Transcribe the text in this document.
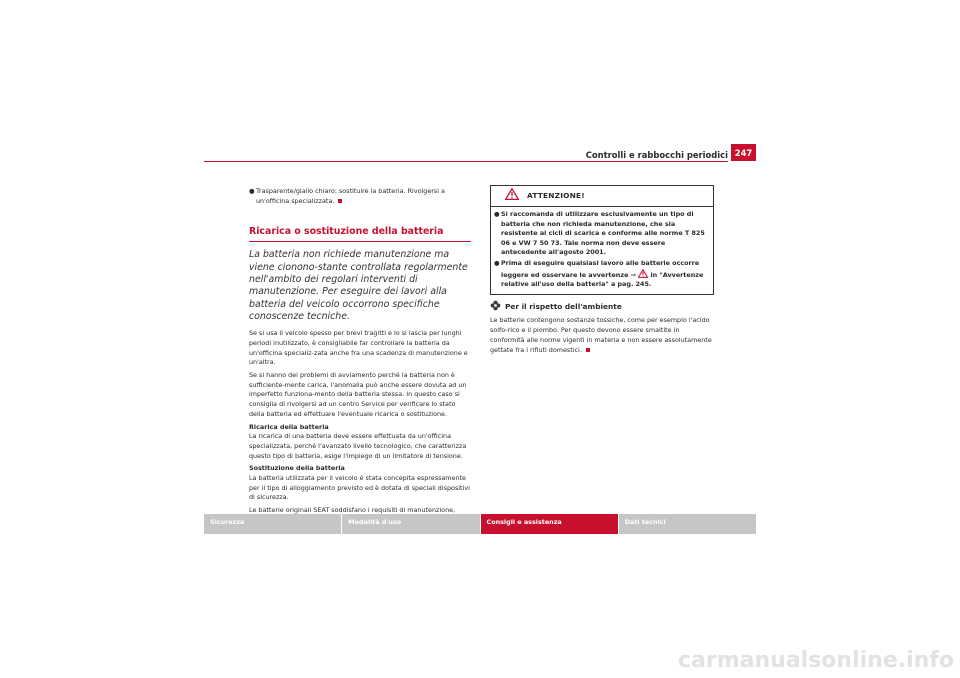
Controlli e rabbocchi periodici 247

● Trasparente/giallo chiaro: sostituire la batteria. Rivolgersi a un'officina specializzata.

Ricarica o sostituzione della batteria
La batteria non richiede manutenzione ma viene cionono-stante controllata regolarmente nell'ambito dei regolari interventi di manutenzione. Per eseguire dei lavori alla batteria del veicolo occorrono specifiche conoscenze tecniche.

Se si usa il veicolo spesso per brevi tragitti e lo si lascia per lunghi periodi inutilizzato, è consigliabile far controllare la batteria da un'officina specializ-zata anche fra una scadenza di manutenzione e un'altra.

Se si hanno dei problemi di avviamento perché la batteria non è sufficiente-mente carica, l'anomalia può anche essere dovuta ad un imperfetto funziona-mento della batteria stessa. In questo caso si consiglia di rivolgersi ad un centro Service per verificare lo stato della batteria ed effettuare l'eventuale ricarica o sostituzione.

Ricarica della batteria
La ricarica di una batteria deve essere effettuata da un'officina specializzata, perché l'avanzato livello tecnologico, che caratterizza questo tipo di batteria, esige l'impiego di un limitatore di tensione.

Sostituzione della batteria
La batteria utilizzata per il veicolo è stata concepita espressamente per il tipo di alloggiamento previsto ed è dotata di speciali dispositivi di sicurezza.

Le batterie originali SEAT soddisfano i requisiti di manutenzione,

ATTENZIONE!

● Si raccomanda di utilizzare esclusivamente un tipo di batteria che non richieda manutenzione, che sia resistente ai cicli di scarica e conforme alle norme T 825 06 e VW 7 50 73. Tale norma non deve essere antecedente all'agosto 2001.

● Prima di eseguire qualsiasi lavoro alle batterie occorre leggere ed osservare le avvertenze ⇒ in "Avvertenze relative all'uso della batteria" a pag. 245.

Per il rispetto dell'ambiente

Le batterie contengono sostanze tossiche, come per esempio l'acido solfo-rico e il piombo. Per questo devono essere smaltite in conformità alle norme vigenti in materia e non essere assolutamente gettate fra i rifiuti domestici.

Sicurezza	Modalità d'uso	Consigli e assistenza	Dati tecnici
carmanualsonline.info
